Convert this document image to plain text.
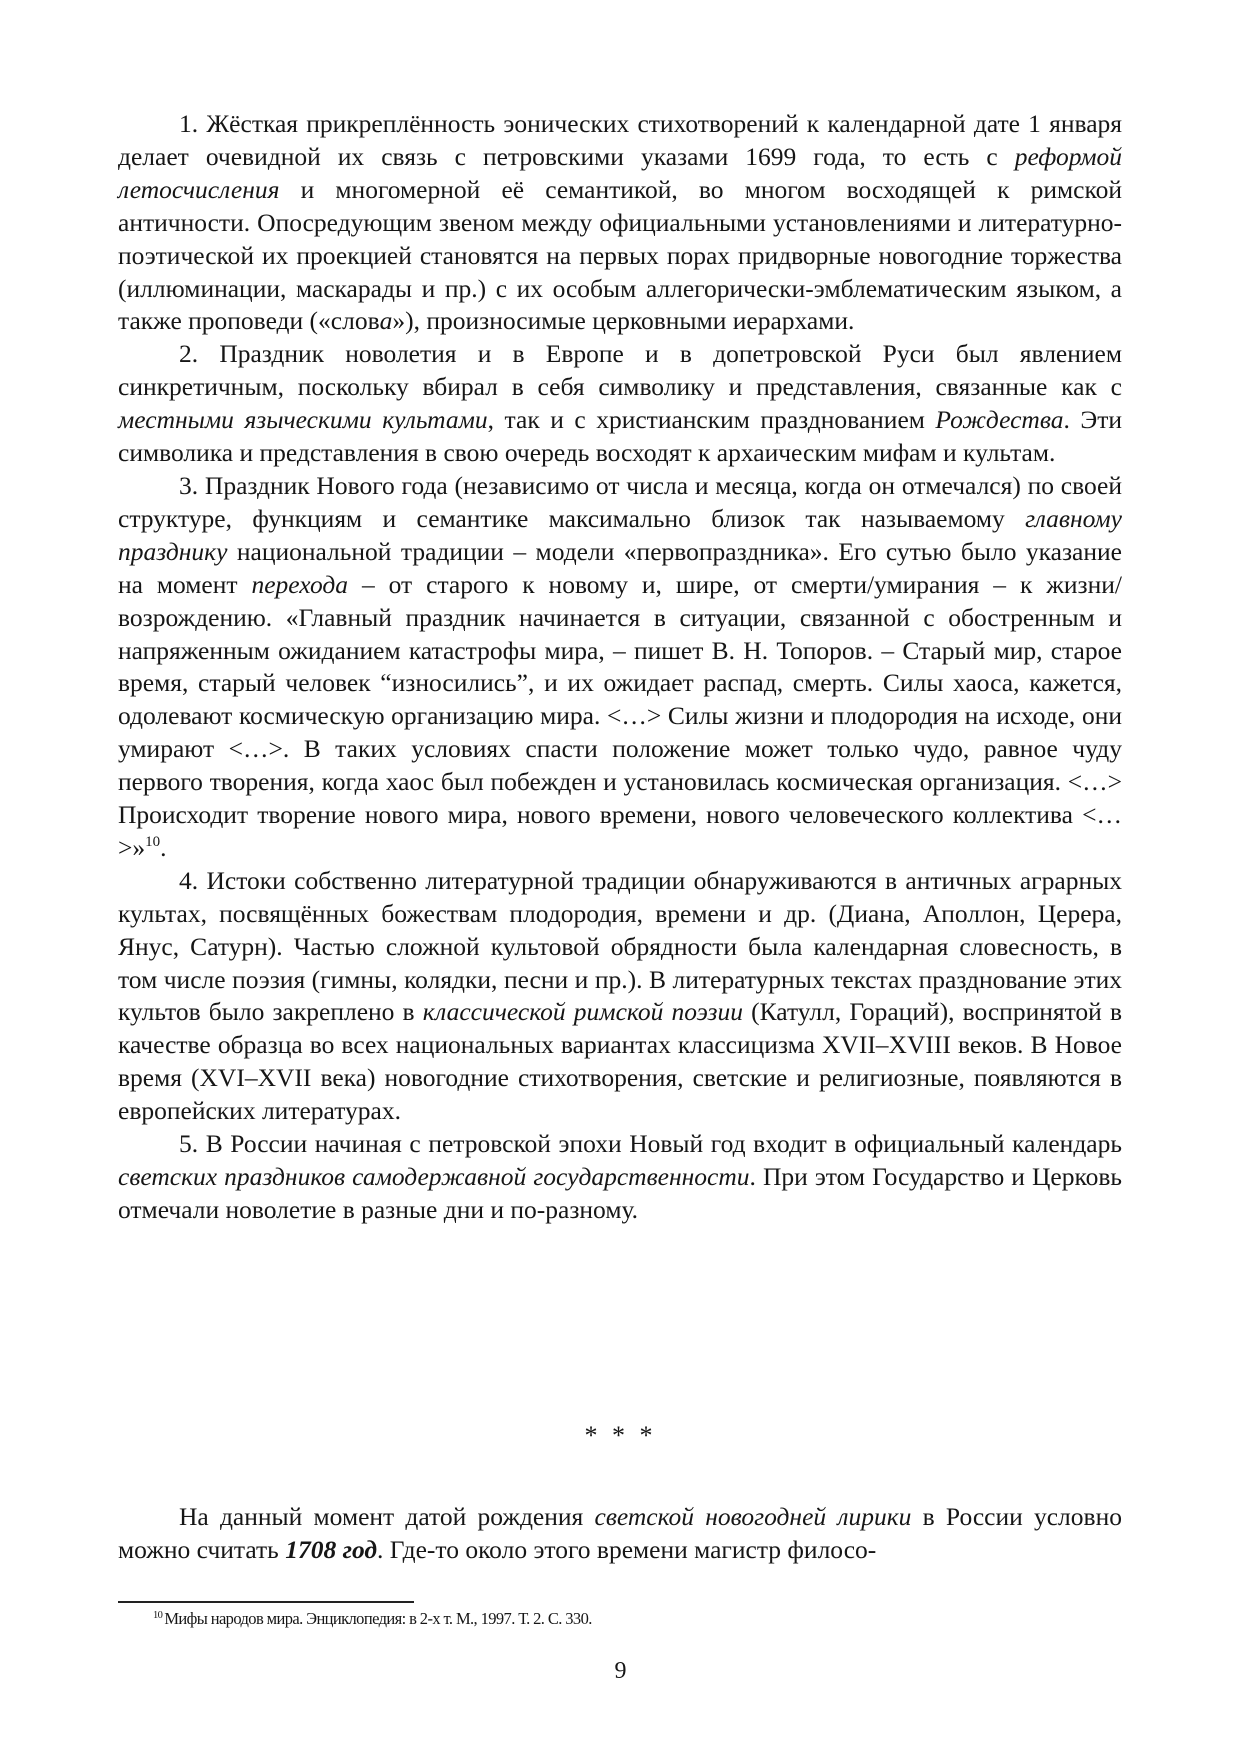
1. Жёсткая прикреплённость эонических стихотворений к календарной дате 1 января делает очевидной их связь с петровскими указами 1699 года, то есть с реформой летосчисления и многомерной её семантикой, во многом восходящей к римской античности. Опосредующим звеном между официальными установлениями и литературно-поэтической их проекцией становятся на первых порах придворные новогодние торжества (иллюминации, маскарады и пр.) с их особым аллегорически-эмблематическим языком, а также проповеди («слова»), произносимые церковными иерархами.

2. Праздник новолетия и в Европе и в допетровской Руси был явлением синкретичным, поскольку вбирал в себя символику и представления, связанные как с местными языческими культами, так и с христианским празднованием Рождества. Эти символика и представления в свою очередь восходят к архаическим мифам и культам.

3. Праздник Нового года (независимо от числа и месяца, когда он отмечался) по своей структуре, функциям и семантике максимально близок так называемому главному празднику национальной традиции – модели «первопраздника». Его сутью было указание на момент перехода – от старого к новому и, шире, от смерти/умирания – к жизни/возрождению. «Главный праздник начинается в ситуации, связанной с обостренным и напряженным ожиданием катастрофы мира, – пишет В. Н. Топоров. – Старый мир, старое время, старый человек “износились”, и их ожидает распад, смерть. Силы хаоса, кажется, одолевают космическую организацию мира. <…> Силы жизни и плодородия на исходе, они умирают <…>. В таких условиях спасти положение может только чудо, равное чуду первого творения, когда хаос был побежден и установилась космическая организация. <…> Происходит творение нового мира, нового времени, нового человеческого коллектива <…>»$^{10}$.

4. Истоки собственно литературной традиции обнаруживаются в античных аграрных культах, посвящённых божествам плодородия, времени и др. (Диана, Аполлон, Церера, Янус, Сатурн). Частью сложной культовой обрядности была календарная словесность, в том числе поэзия (гимны, колядки, песни и пр.). В литературных текстах празднование этих культов было закреплено в классической римской поэзии (Катулл, Гораций), воспринятой в качестве образца во всех национальных вариантах классицизма XVII–XVIII веков. В Новое время (XVI–XVII века) новогодние стихотворения, светские и религиозные, появляются в европейских литературах.

5. В России начиная с петровской эпохи Новый год входит в официальный календарь светских праздников самодержавной государственности. При этом Государство и Церковь отмечали новолетие в разные дни и по-разному.

* * *

На данный момент датой рождения светской новогодней лирики в России условно можно считать 1708 год. Где-то около этого времени магистр филосо-

$^{10}$ Мифы народов мира. Энциклопедия: в 2-х т. М., 1997. Т. 2. С. 330.
9
